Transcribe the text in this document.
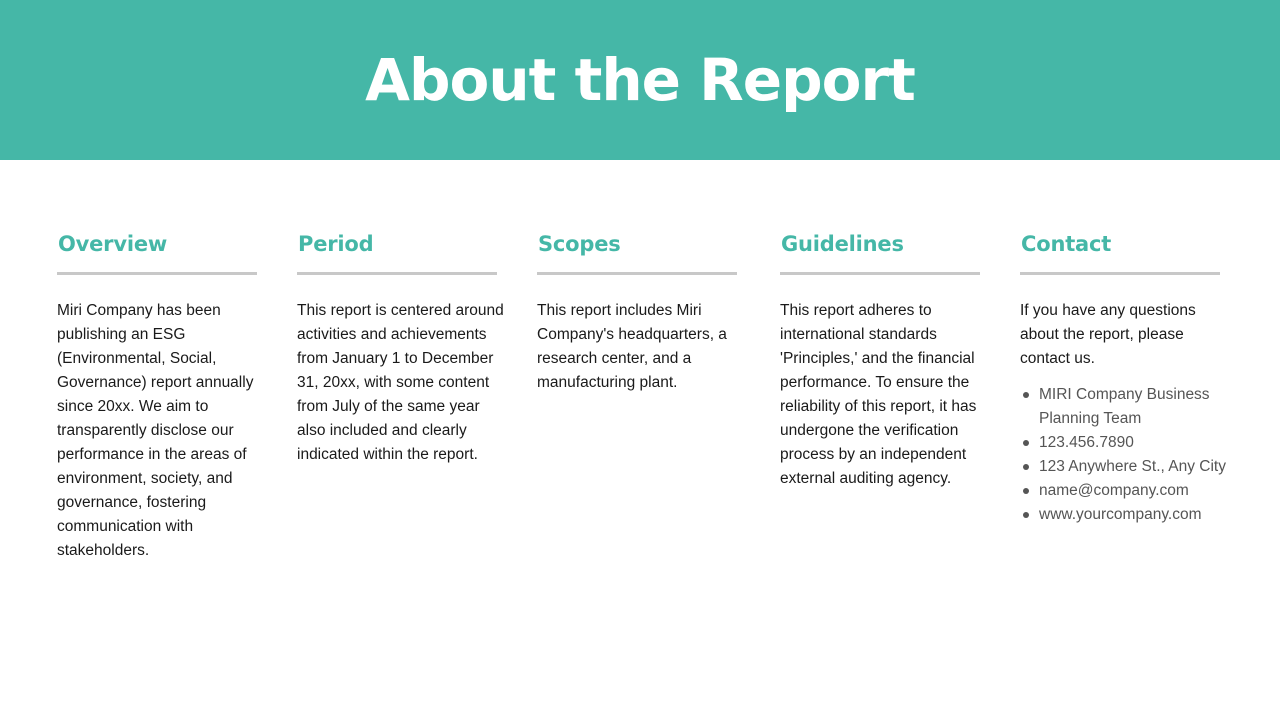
About the Report
Overview

Miri Company has been publishing an ESG (Environmental, Social, Governance) report annually since 20xx. We aim to transparently disclose our performance in the areas of environment, society, and governance, fostering communication with stakeholders.

Period

This report is centered around activities and achievements from January 1 to December 31, 20xx, with some content from July of the same year also included and clearly indicated within the report.

Scopes

This report includes Miri Company's headquarters, a research center, and a manufacturing plant.

Guidelines

This report adheres to international standards 'Principles,' and the financial performance. To ensure the reliability of this report, it has undergone the verification process by an independent external auditing agency.

Contact

If you have any questions about the report, please contact us.

MIRI Company Business Planning Team
123.456.7890
123 Anywhere St., Any City
name@company.com
www.yourcompany.com
